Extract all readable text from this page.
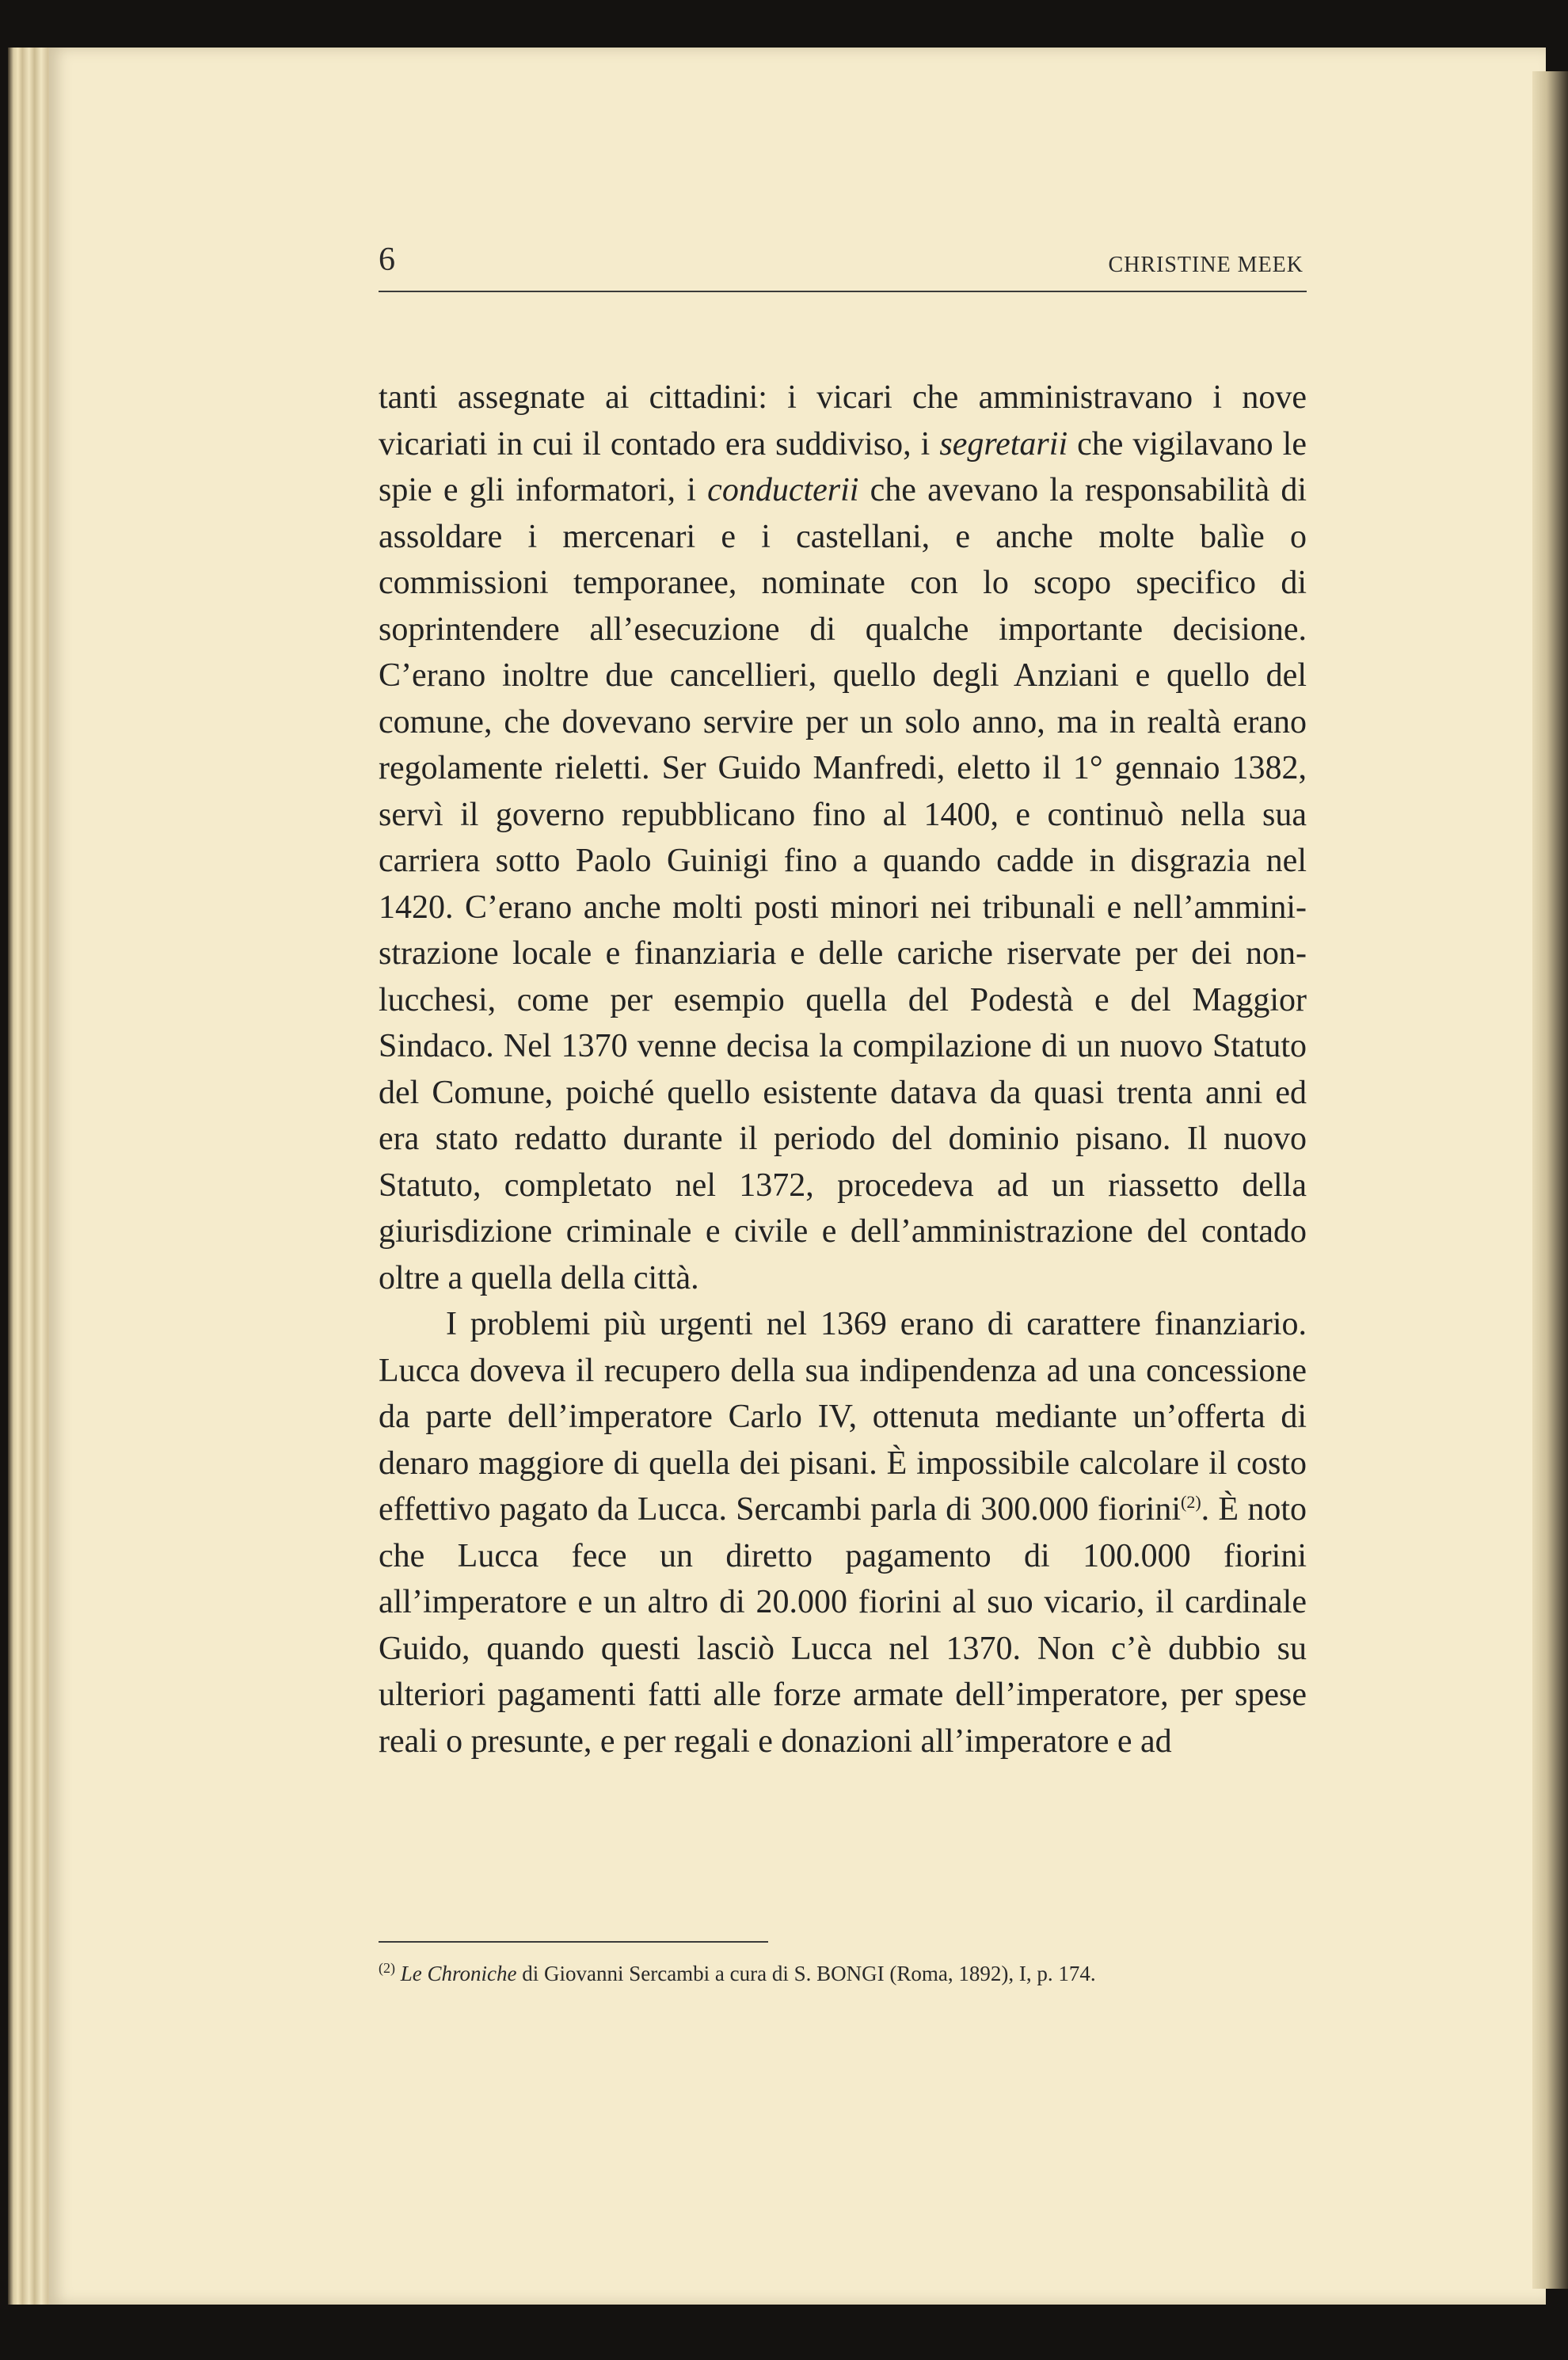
6	CHRISTINE MEEK

tanti assegnate ai cittadini: i vicari che amministravano i nove vicariati in cui il contado era suddiviso, i segretarii che vigilavano le spie e gli informatori, i conducterii che avevano la responsabilità di assoldare i mercenari e i castellani, e anche molte balìe o commissioni temporanee, nominate con lo scopo specifico di soprintendere all’esecuzione di qualche importante decisione. C’erano inoltre due cancellieri, quello degli Anziani e quello del comune, che dovevano servire per un solo anno, ma in realtà erano regolamente rieletti. Ser Guido Manfredi, eletto il 1° gennaio 1382, servì il governo repubblicano fino al 1400, e continuò nella sua carriera sotto Paolo Guinigi fino a quando cadde in disgrazia nel 1420. C’erano anche molti posti minori nei tribunali e nell’amministrazione locale e finanziaria e delle cariche riservate per dei non-lucchesi, come per esempio quella del Podestà e del Maggior Sindaco. Nel 1370 venne decisa la compilazione di un nuovo Statuto del Comune, poiché quello esistente datava da quasi trenta anni ed era stato redatto durante il periodo del dominio pisano. Il nuovo Statuto, completato nel 1372, procedeva ad un riassetto della giurisdizione criminale e civile e dell’amministrazione del contado oltre a quella della città.

I problemi più urgenti nel 1369 erano di carattere finanziario. Lucca doveva il recupero della sua indipendenza ad una concessione da parte dell’imperatore Carlo IV, ottenuta mediante un’offerta di denaro maggiore di quella dei pisani. È impossibile calcolare il costo effettivo pagato da Lucca. Sercambi parla di 300.000 fiorini$^{(2)}$. È noto che Lucca fece un diretto pagamento di 100.000 fiorini all’imperatore e un altro di 20.000 fiorini al suo vicario, il cardinale Guido, quando questi lasciò Lucca nel 1370. Non c’è dubbio su ulteriori pagamenti fatti alle forze armate dell’imperatore, per spese reali o presunte, e per regali e donazioni all’imperatore e ad

$^{(2)}$ Le Chroniche di Giovanni Sercambi a cura di S. BONGI (Roma, 1892), I, p. 174.
